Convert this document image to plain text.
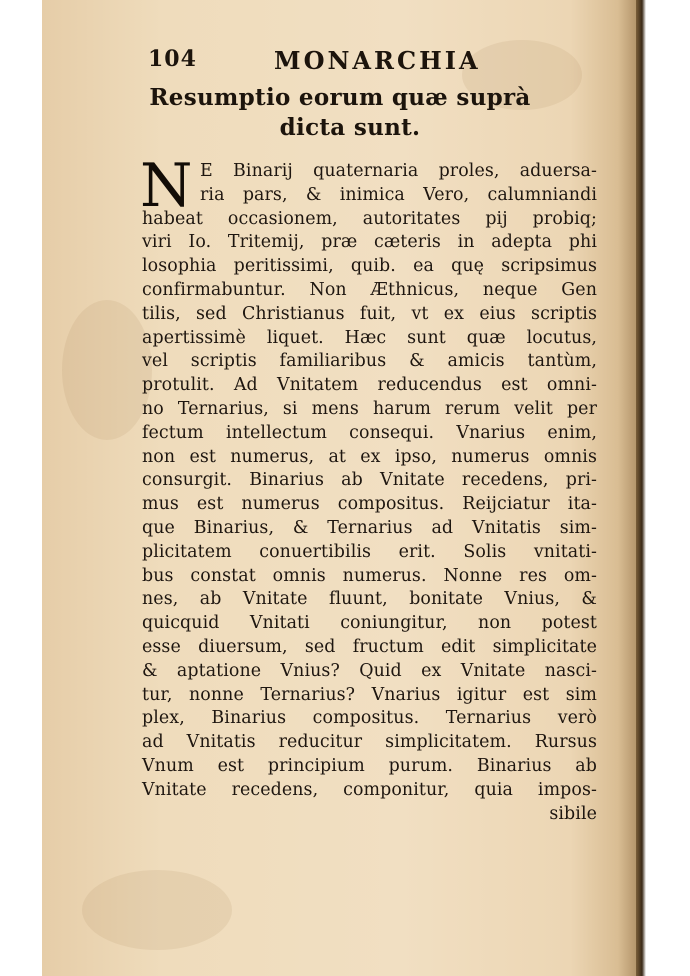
104	MONARCHIA
Resumptio eorum quæ suprà
dicta sunt.
N E Binarij quaternaria proles, aduersa-
ria pars, & inimica Vero, calumniandi
habeat occasionem, autoritates pij probiq;
viri Io. Tritemij, præ cæteris in adepta phi
losophia peritissimi, quib. ea quę scripsimus
confirmabuntur. Non Æthnicus, neque Gen
tilis, sed Christianus fuit, vt ex eius scriptis
apertissimè liquet. Hæc sunt quæ locutus,
vel scriptis familiaribus & amicis tantùm,
protulit. Ad Vnitatem reducendus est omni-
no Ternarius, si mens harum rerum velit per
fectum intellectum consequi. Vnarius enim,
non est numerus, at ex ipso, numerus omnis
consurgit. Binarius ab Vnitate recedens, pri-
mus est numerus compositus. Reijciatur ita-
que Binarius, & Ternarius ad Vnitatis sim-
plicitatem conuertibilis erit. Solis vnitati-
bus constat omnis numerus. Nonne res om-
nes, ab Vnitate fluunt, bonitate Vnius, &
quicquid Vnitati coniungitur, non potest
esse diuersum, sed fructum edit simplicitate
& aptatione Vnius? Quid ex Vnitate nasci-
tur, nonne Ternarius? Vnarius igitur est sim
plex, Binarius compositus. Ternarius verò
ad Vnitatis reducitur simplicitatem. Rursus
Vnum est principium purum. Binarius ab
Vnitate recedens, componitur, quia impos-
sibile
